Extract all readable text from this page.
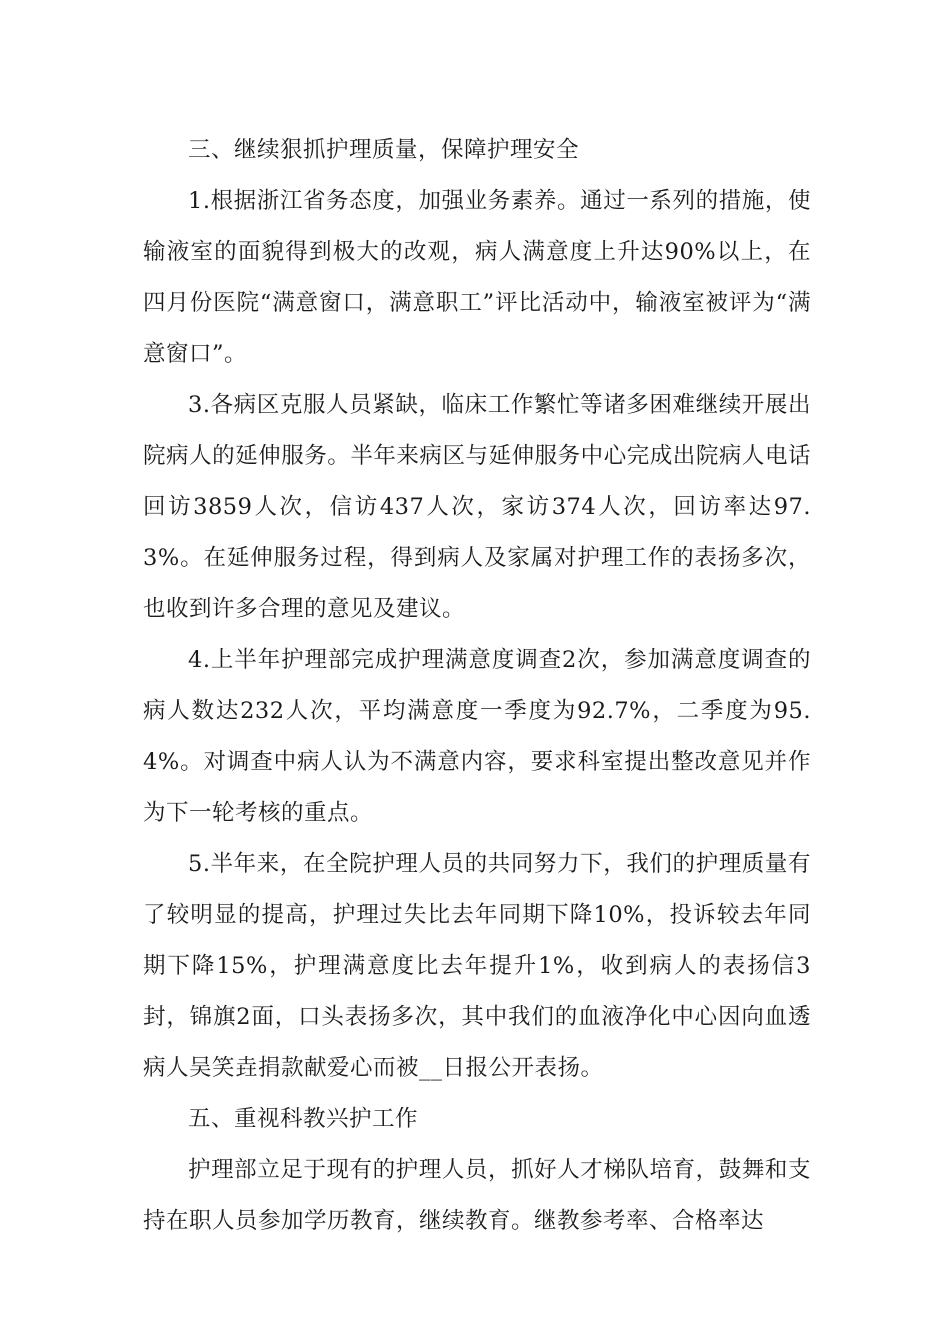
三、继续狠抓护理质量，保障护理安全

1.根据浙江省务态度，加强业务素养。通过一系列的措施，使输液室的面貌得到极大的改观，病人满意度上升达90%以上，在四月份医院“满意窗口，满意职工”评比活动中，输液室被评为“满意窗口”。

3.各病区克服人员紧缺，临床工作繁忙等诸多困难继续开展出院病人的延伸服务。半年来病区与延伸服务中心完成出院病人电话回访3859人次，信访437人次，家访374人次，回访率达97.3%。在延伸服务过程，得到病人及家属对护理工作的表扬多次，也收到许多合理的意见及建议。

4.上半年护理部完成护理满意度调查2次，参加满意度调查的病人数达232人次，平均满意度一季度为92.7%，二季度为95.4%。对调查中病人认为不满意内容，要求科室提出整改意见并作为下一轮考核的重点。

5.半年来，在全院护理人员的共同努力下，我们的护理质量有了较明显的提高，护理过失比去年同期下降10%，投诉较去年同期下降15%，护理满意度比去年提升1%，收到病人的表扬信3封，锦旗2面，口头表扬多次，其中我们的血液净化中心因向血透病人吴笑垚捐款献爱心而被__日报公开表扬。

五、重视科教兴护工作

护理部立足于现有的护理人员，抓好人才梯队培育，鼓舞和支持在职人员参加学历教育，继续教育。继教参考率、合格率达
